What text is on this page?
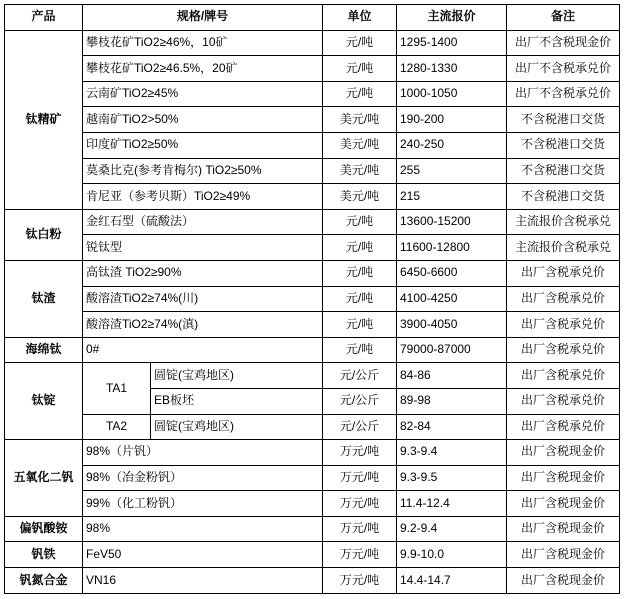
产品	规格/牌号		单位	主流报价	备注
钛精矿	攀枝花矿TiO2≥46%，10矿		元/吨	1295-1400	出厂不含税现金价
	攀枝花矿TiO2≥46.5%，20矿		元/吨	1280-1330	出厂不含税承兑价
	云南矿TiO2≥45%		元/吨	1000-1050	出厂不含税承兑价
	越南矿TiO2>50%		美元/吨	190-200	不含税港口交货
	印度矿TiO2≥50%		美元/吨	240-250	不含税港口交货
	莫桑比克(参考肯梅尔) TiO2≥50%		美元/吨	255	不含税港口交货
	肯尼亚（参考贝斯）TiO2≥49%		美元/吨	215	不含税港口交货
钛白粉	金红石型（硫酸法）		元/吨	13600-15200	主流报价含税承兑
	锐钛型		元/吨	11600-12800	主流报价含税承兑
钛渣	高钛渣 TiO2≥90%		元/吨	6450-6600	出厂含税承兑价
	酸溶渣TiO2≥74%(川)		元/吨	4100-4250	出厂含税承兑价
	酸溶渣TiO2≥74%(滇)		元/吨	3900-4050	出厂含税承兑价
海绵钛	0#		元/吨	79000-87000	出厂含税承兑价
钛锭	TA1	圆锭(宝鸡地区)	元/公斤	84-86	出厂含税承兑价
		EB板坯	元/公斤	89-98	出厂含税承兑价
	TA2	圆锭(宝鸡地区)	元/公斤	82-84	出厂含税承兑价
五氧化二钒	98%（片钒）		万元/吨	9.3-9.4	出厂含税现金价
	98%（冶金粉钒）		万元/吨	9.3-9.5	出厂含税现金价
	99%（化工粉钒）		万元/吨	11.4-12.4	出厂含税现金价
偏钒酸铵	98%		万元/吨	9.2-9.4	出厂含税现金价
钒铁	FeV50		万元/吨	9.9-10.0	出厂含税现金价
钒氮合金	VN16		万元/吨	14.4-14.7	出厂含税现金价
